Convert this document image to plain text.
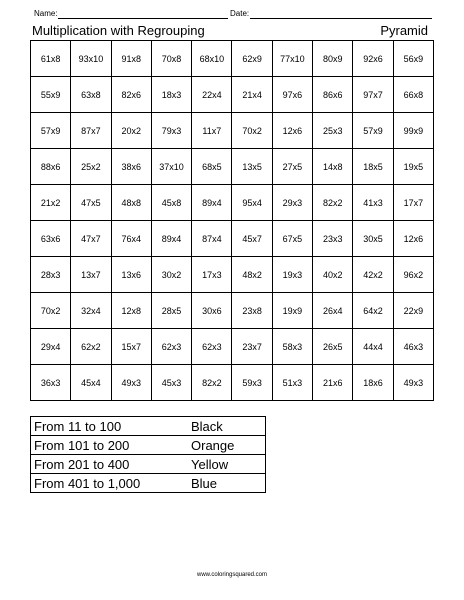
Name:	Date:
Multiplication with Regrouping	Pyramid
61x8	93x10	91x8	70x8	68x10	62x9	77x10	80x9	92x6	56x9
55x9	63x8	82x6	18x3	22x4	21x4	97x6	86x6	97x7	66x8
57x9	87x7	20x2	79x3	11x7	70x2	12x6	25x3	57x9	99x9
88x6	25x2	38x6	37x10	68x5	13x5	27x5	14x8	18x5	19x5
21x2	47x5	48x8	45x8	89x4	95x4	29x3	82x2	41x3	17x7
63x6	47x7	76x4	89x4	87x4	45x7	67x5	23x3	30x5	12x6
28x3	13x7	13x6	30x2	17x3	48x2	19x3	40x2	42x2	96x2
70x2	32x4	12x8	28x5	30x6	23x8	19x9	26x4	64x2	22x9
29x4	62x2	15x7	62x3	62x3	23x7	58x3	26x5	44x4	46x3
36x3	45x4	49x3	45x3	82x2	59x3	51x3	21x6	18x6	49x3
From 11 to 100	Black
From 101 to 200	Orange
From 201 to 400	Yellow
From 401 to 1,000	Blue
www.coloringsquared.com
